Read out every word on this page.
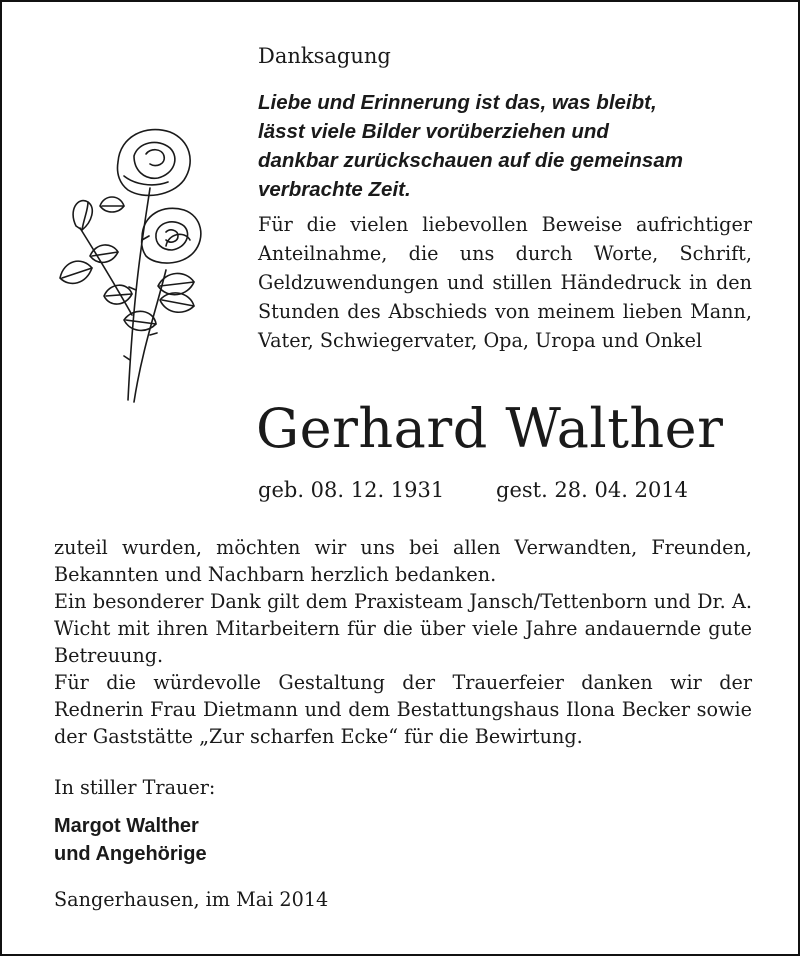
Danksagung

Liebe und Erinnerung ist das, was bleibt,
lässt viele Bilder vorüberziehen und
dankbar zurückschauen auf die gemeinsam
verbrachte Zeit.

Für die vielen liebevollen Beweise aufrichtiger Anteilnahme, die uns durch Worte, Schrift, Geldzuwendungen und stillen Händedruck in den Stunden des Abschieds von meinem lieben Mann, Vater, Schwiegervater, Opa, Uropa und Onkel

Gerhard Walther

geb. 08. 12. 1931 gest. 28. 04. 2014

zuteil wurden, möchten wir uns bei allen Verwandten, Freunden, Bekannten und Nachbarn herzlich bedanken.

Ein besonderer Dank gilt dem Praxisteam Jansch/Tettenborn und Dr. A. Wicht mit ihren Mitarbeitern für die über viele Jahre andauernde gute Betreuung.

Für die würdevolle Gestaltung der Trauerfeier danken wir der Rednerin Frau Dietmann und dem Bestattungshaus Ilona Becker sowie der Gaststätte „Zur scharfen Ecke“ für die Bewirtung.

In stiller Trauer:

Margot Walther
und Angehörige

Sangerhausen, im Mai 2014
